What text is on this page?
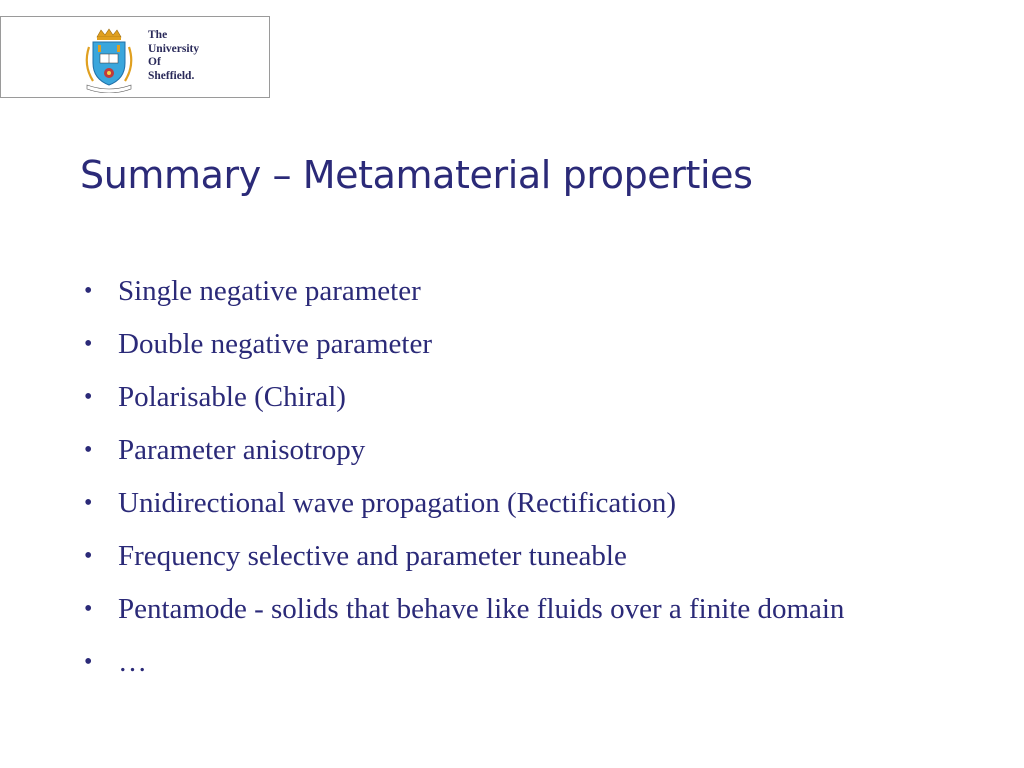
The
University
Of
Sheffield.
Summary – Metamaterial properties
• Single negative parameter
• Double negative parameter
• Polarisable (Chiral)
• Parameter anisotropy
• Unidirectional wave propagation (Rectification)
• Frequency selective and parameter tuneable
• Pentamode - solids that behave like fluids over a finite domain
• …
